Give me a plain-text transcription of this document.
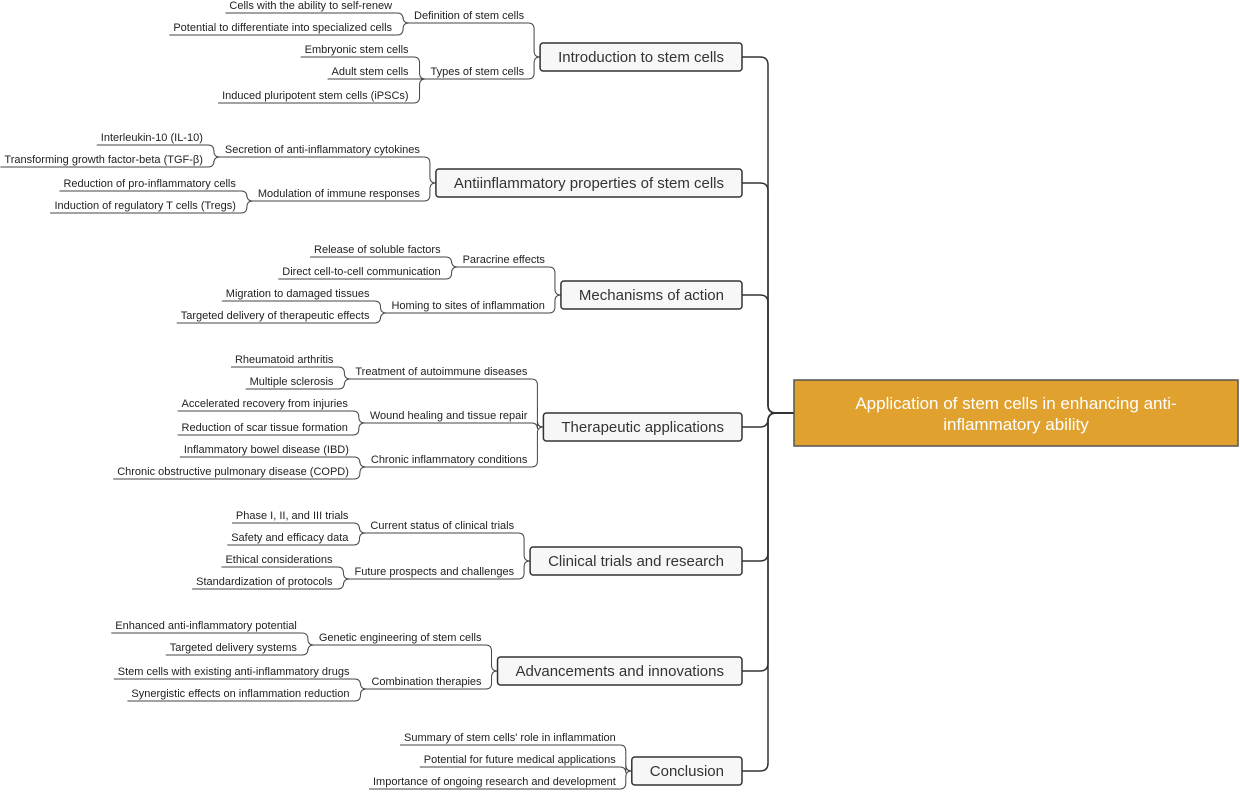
Application of stem cells in enhancing anti-
inflammatory ability
Introduction to stem cells
Definition of stem cells
Cells with the ability to self-renew
Potential to differentiate into specialized cells
Types of stem cells
Embryonic stem cells
Adult stem cells
Induced pluripotent stem cells (iPSCs)
Antiinflammatory properties of stem cells
Secretion of anti-inflammatory cytokines
Interleukin-10 (IL-10)
Transforming growth factor-beta (TGF-β)
Modulation of immune responses
Reduction of pro-inflammatory cells
Induction of regulatory T cells (Tregs)
Mechanisms of action
Paracrine effects
Release of soluble factors
Direct cell-to-cell communication
Homing to sites of inflammation
Migration to damaged tissues
Targeted delivery of therapeutic effects
Therapeutic applications
Treatment of autoimmune diseases
Rheumatoid arthritis
Multiple sclerosis
Wound healing and tissue repair
Accelerated recovery from injuries
Reduction of scar tissue formation
Chronic inflammatory conditions
Inflammatory bowel disease (IBD)
Chronic obstructive pulmonary disease (COPD)
Clinical trials and research
Current status of clinical trials
Phase I, II, and III trials
Safety and efficacy data
Future prospects and challenges
Ethical considerations
Standardization of protocols
Advancements and innovations
Genetic engineering of stem cells
Enhanced anti-inflammatory potential
Targeted delivery systems
Combination therapies
Stem cells with existing anti-inflammatory drugs
Synergistic effects on inflammation reduction
Conclusion
Summary of stem cells' role in inflammation
Potential for future medical applications
Importance of ongoing research and development
